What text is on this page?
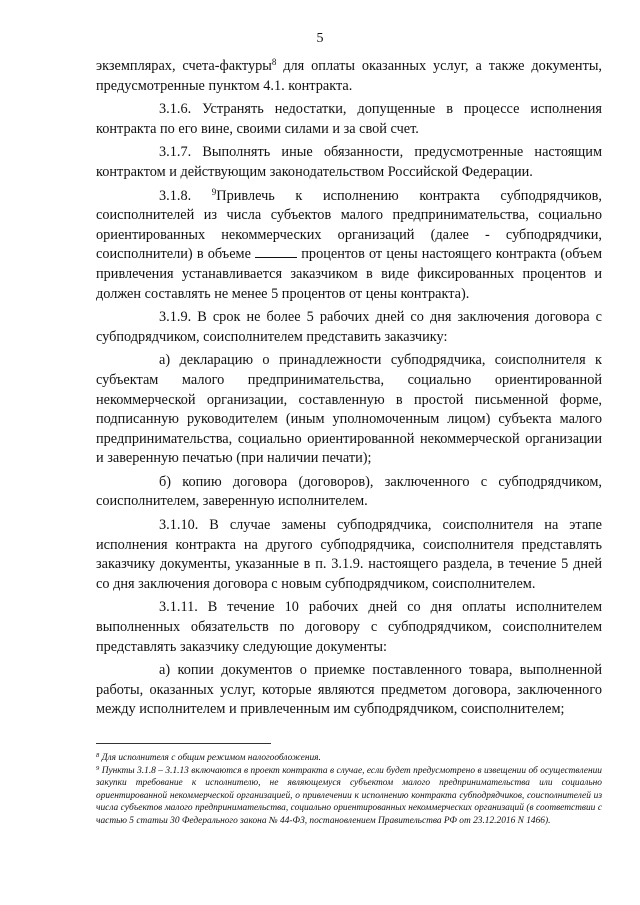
5

экземплярах, счета-фактуры$^8$ для оплаты оказанных услуг, а также документы, предусмотренные пунктом 4.1. контракта.

3.1.6. Устранять недостатки, допущенные в процессе исполнения контракта по его вине, своими силами и за свой счет.

3.1.7. Выполнять иные обязанности, предусмотренные настоящим контрактом и действующим законодательством Российской Федерации.

3.1.8. $^9$Привлечь к исполнению контракта субподрядчиков, соисполнителей из числа субъектов малого предпринимательства, социально ориентированных некоммерческих организаций (далее - субподрядчики, соисполнители) в объеме	процентов от цены настоящего контракта (объем привлечения устанавливается заказчиком в виде фиксированных процентов и должен составлять не менее 5 процентов от цены контракта).

3.1.9. В срок не более 5 рабочих дней со дня заключения договора с субподрядчиком, соисполнителем представить заказчику:

а) декларацию о принадлежности субподрядчика, соисполнителя к субъектам малого предпринимательства, социально ориентированной некоммерческой организации, составленную в простой письменной форме, подписанную руководителем (иным уполномоченным лицом) субъекта малого предпринимательства, социально ориентированной некоммерческой организации и заверенную печатью (при наличии печати);

б) копию договора (договоров), заключенного с субподрядчиком, соисполнителем, заверенную исполнителем.

3.1.10. В случае замены субподрядчика, соисполнителя на этапе исполнения контракта на другого субподрядчика, соисполнителя представлять заказчику документы, указанные в п. 3.1.9. настоящего раздела, в течение 5 дней со дня заключения договора с новым субподрядчиком, соисполнителем.

3.1.11. В течение 10 рабочих дней со дня оплаты исполнителем выполненных обязательств по договору с субподрядчиком, соисполнителем представлять заказчику следующие документы:

а) копии документов о приемке поставленного товара, выполненной работы, оказанных услуг, которые являются предметом договора, заключенного между исполнителем и привлеченным им субподрядчиком, соисполнителем;

$^8$ Для исполнителя с общим режимом налогообложения.

$^9$ Пункты 3.1.8 – 3.1.13 включаются в проект контракта в случае, если будет предусмотрено в извещении об осуществлении закупки требование к исполнителю, не являющемуся субъектом малого предпринимательства или социально ориентированной некоммерческой организацией, о привлечении к исполнению контракта субподрядчиков, соисполнителей из числа субъектов малого предпринимательства, социально ориентированных некоммерческих организаций (в соответствии с частью 5 статьи 30 Федерального закона № 44-ФЗ, постановлением Правительства РФ от 23.12.2016 N 1466).
